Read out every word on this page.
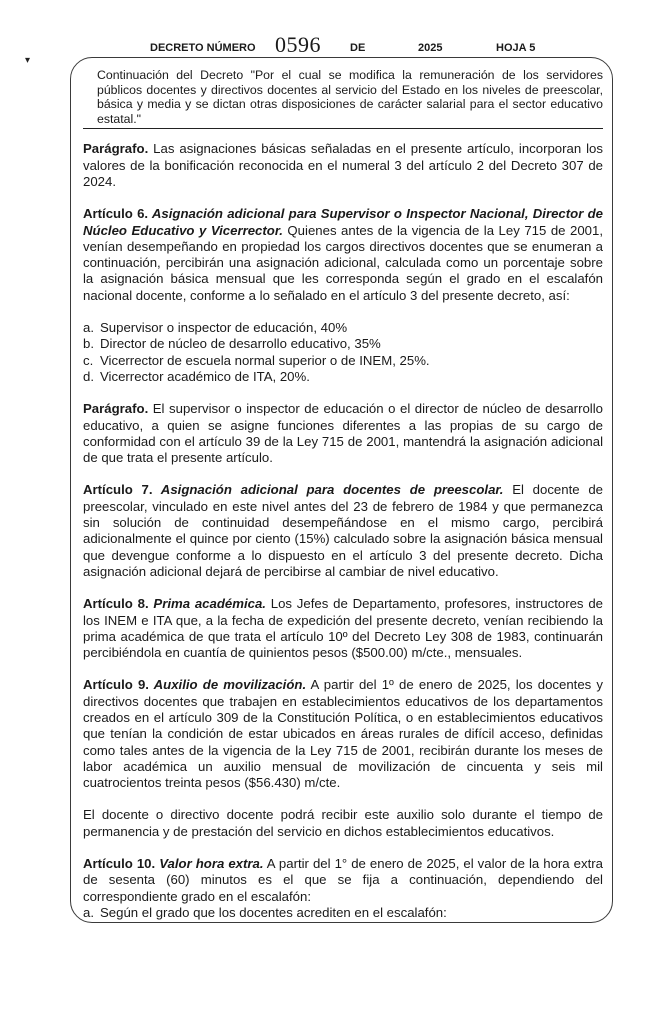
DECRETO NÚMERO 0596	DE	2025	HOJA 5
▾
Continuación del Decreto "Por el cual se modifica la remuneración de los servidores públicos docentes y directivos docentes al servicio del Estado en los niveles de preescolar, básica y media y se dictan otras disposiciones de carácter salarial para el sector educativo estatal."

Parágrafo. Las asignaciones básicas señaladas en el presente artículo, incorporan los valores de la bonificación reconocida en el numeral 3 del artículo 2 del Decreto 307 de 2024.

Artículo 6. Asignación adicional para Supervisor o Inspector Nacional, Director de Núcleo Educativo y Vicerrector. Quienes antes de la vigencia de la Ley 715 de 2001, venían desempeñando en propiedad los cargos directivos docentes que se enumeran a continuación, percibirán una asignación adicional, calculada como un porcentaje sobre la asignación básica mensual que les corresponda según el grado en el escalafón nacional docente, conforme a lo señalado en el artículo 3 del presente decreto, así:

a. Supervisor o inspector de educación, 40%
b. Director de núcleo de desarrollo educativo, 35%
c. Vicerrector de escuela normal superior o de INEM, 25%.
d. Vicerrector académico de ITA, 20%.

Parágrafo. El supervisor o inspector de educación o el director de núcleo de desarrollo educativo, a quien se asigne funciones diferentes a las propias de su cargo de conformidad con el artículo 39 de la Ley 715 de 2001, mantendrá la asignación adicional de que trata el presente artículo.

Artículo 7. Asignación adicional para docentes de preescolar. El docente de preescolar, vinculado en este nivel antes del 23 de febrero de 1984 y que permanezca sin solución de continuidad desempeñándose en el mismo cargo, percibirá adicionalmente el quince por ciento (15%) calculado sobre la asignación básica mensual que devengue conforme a lo dispuesto en el artículo 3 del presente decreto. Dicha asignación adicional dejará de percibirse al cambiar de nivel educativo.

Artículo 8. Prima académica. Los Jefes de Departamento, profesores, instructores de los INEM e ITA que, a la fecha de expedición del presente decreto, venían recibiendo la prima académica de que trata el artículo 10º del Decreto Ley 308 de 1983, continuarán percibiéndola en cuantía de quinientos pesos ($500.00) m/cte., mensuales.

Artículo 9. Auxilio de movilización. A partir del 1º de enero de 2025, los docentes y directivos docentes que trabajen en establecimientos educativos de los departamentos creados en el artículo 309 de la Constitución Política, o en establecimientos educativos que tenían la condición de estar ubicados en áreas rurales de difícil acceso, definidas como tales antes de la vigencia de la Ley 715 de 2001, recibirán durante los meses de labor académica un auxilio mensual de movilización de cincuenta y seis mil cuatrocientos treinta pesos ($56.430) m/cte.

El docente o directivo docente podrá recibir este auxilio solo durante el tiempo de permanencia y de prestación del servicio en dichos establecimientos educativos.

Artículo 10. Valor hora extra. A partir del 1° de enero de 2025, el valor de la hora extra de sesenta (60) minutos es el que se fija a continuación, dependiendo del correspondiente grado en el escalafón:

a. Según el grado que los docentes acrediten en el escalafón:
